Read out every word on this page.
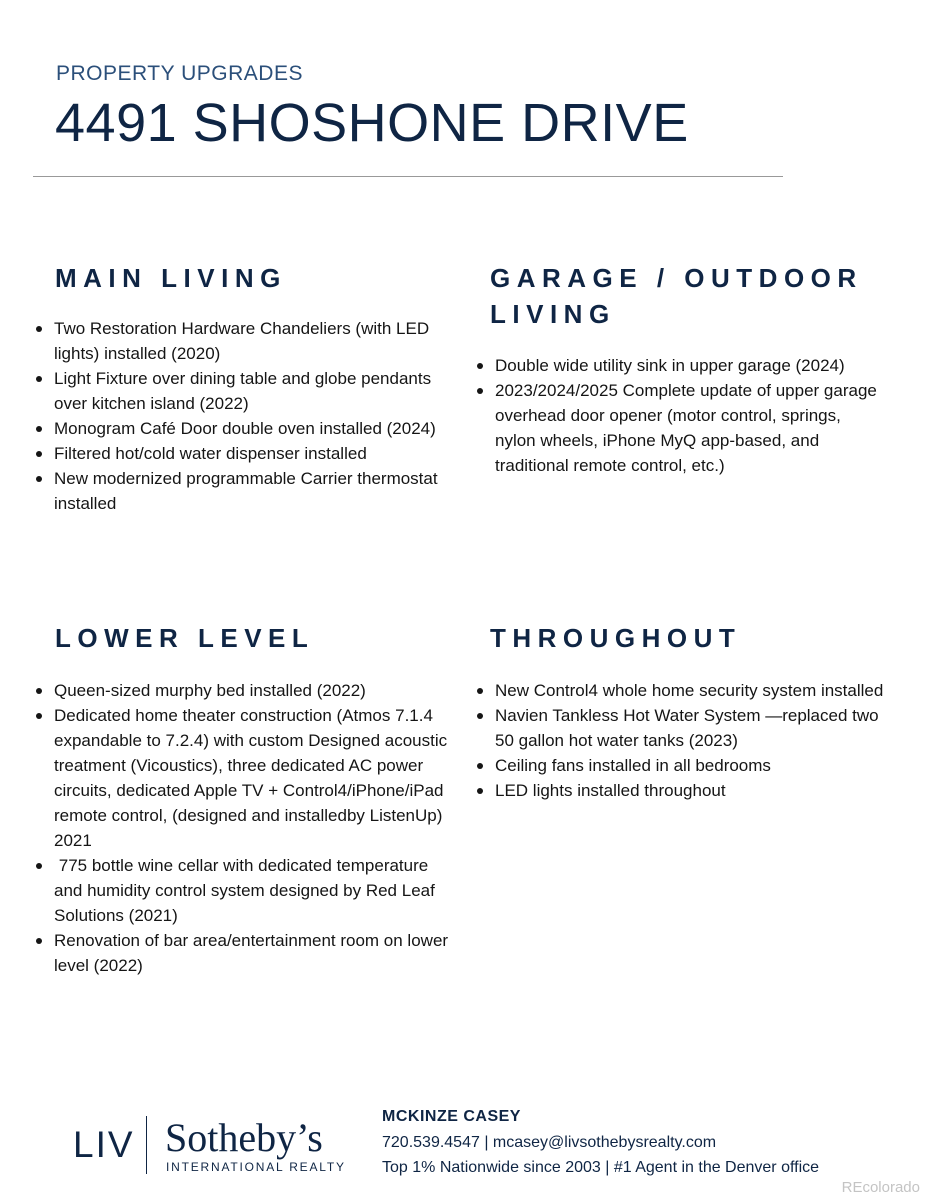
PROPERTY UPGRADES
4491 SHOSHONE DRIVE
MAIN LIVING
Two Restoration Hardware Chandeliers (with LED lights) installed (2020)
Light Fixture over dining table and globe pendants over kitchen island (2022)
Monogram Café Door double oven installed (2024)
Filtered hot/cold water dispenser installed
New modernized programmable Carrier thermostat installed
GARAGE / OUTDOOR
LIVING
Double wide utility sink in upper garage (2024)
2023/2024/2025 Complete update of upper garage overhead door opener (motor control, springs, nylon wheels, iPhone MyQ app-based, and traditional remote control, etc.)
LOWER LEVEL
Queen-sized murphy bed installed (2022)
Dedicated home theater construction (Atmos 7.1.4 expandable to 7.2.4) with custom Designed acoustic treatment (Vicoustics), three dedicated AC power circuits, dedicated Apple TV + Control4/iPhone/iPad remote control, (designed and installedby ListenUp) 2021
775 bottle wine cellar with dedicated temperature and humidity control system designed by Red Leaf Solutions (2021)
Renovation of bar area/entertainment room on lower level (2022)
THROUGHOUT
New Control4 whole home security system installed
Navien Tankless Hot Water System —replaced two 50 gallon hot water tanks (2023)
Ceiling fans installed in all bedrooms
LED lights installed throughout
LIV Sotheby’s
INTERNATIONAL REALTY
MCKINZE CASEY
720.539.4547 | mcasey@livsothebysrealty.com
Top 1% Nationwide since 2003 | #1 Agent in the Denver office
REcolorado
